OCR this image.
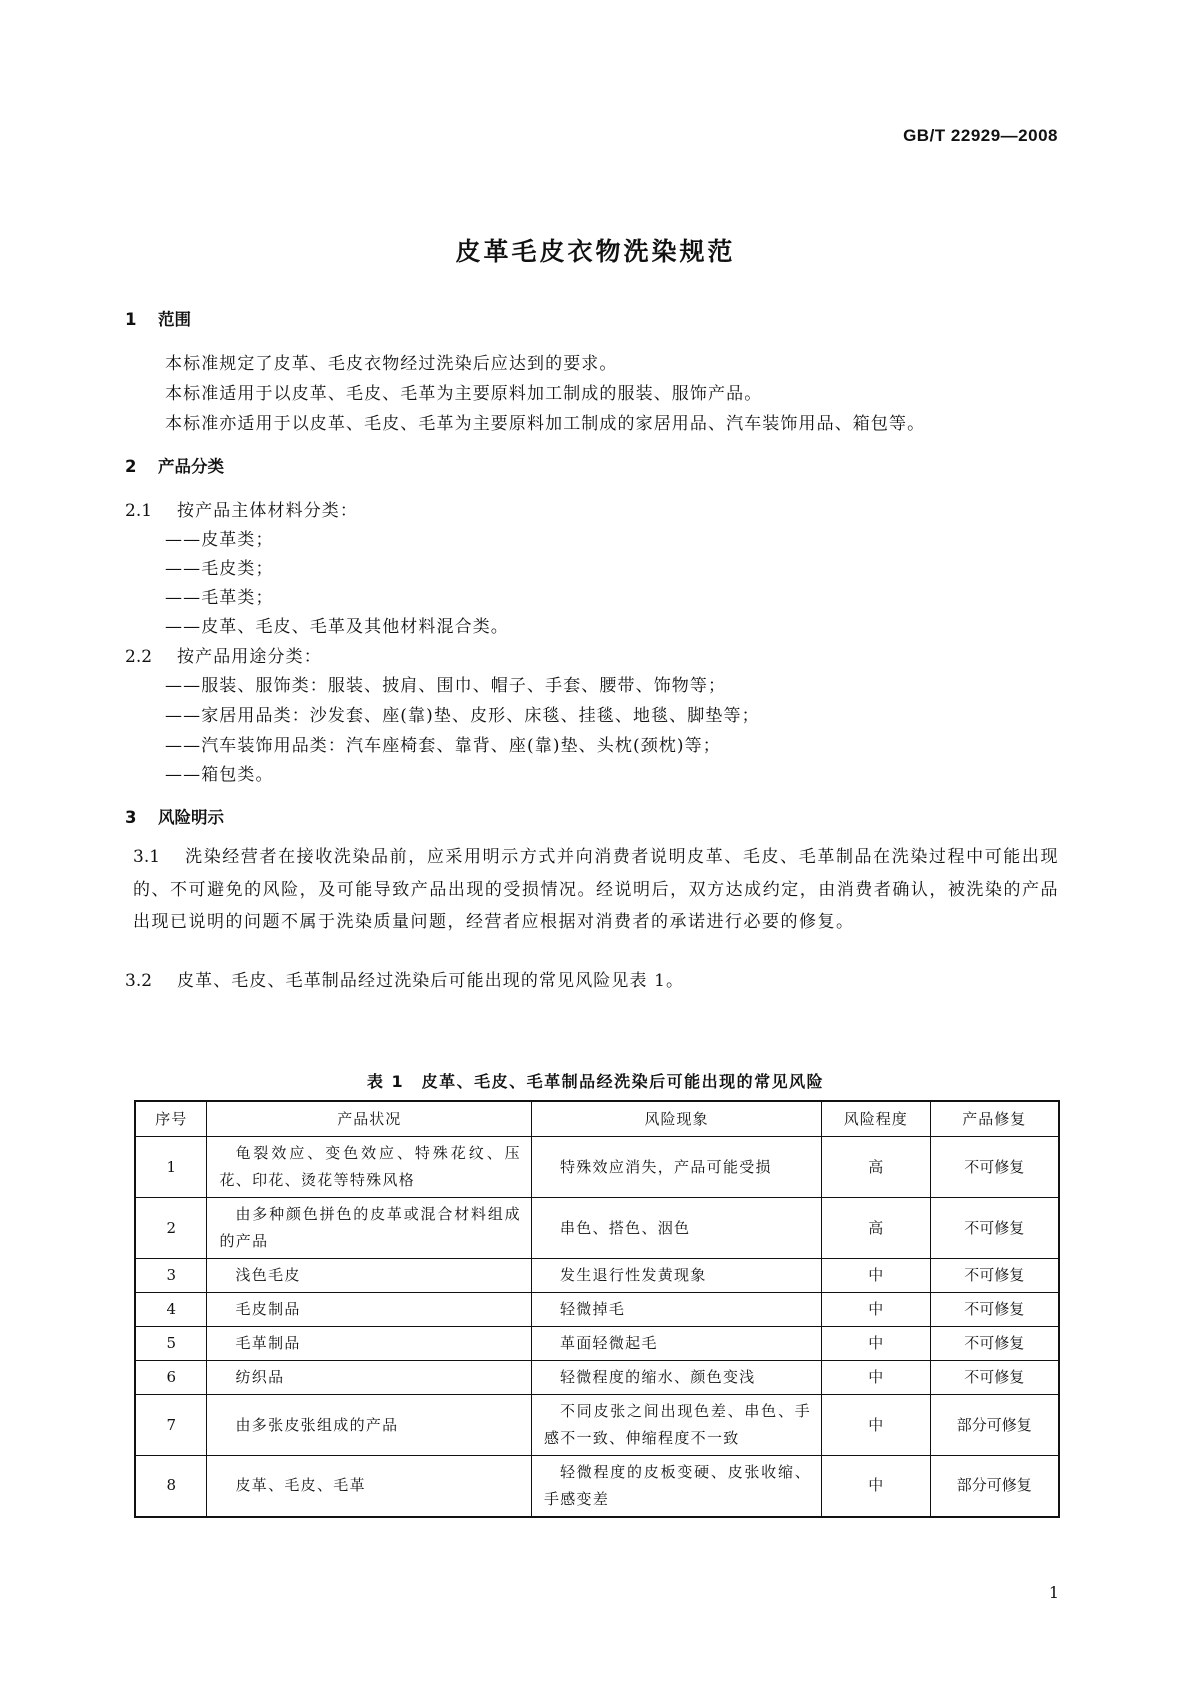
GB/T 22929—2008
皮革毛皮衣物洗染规范
1 范围
本标准规定了皮革、毛皮衣物经过洗染后应达到的要求。
本标准适用于以皮革、毛皮、毛革为主要原料加工制成的服装、服饰产品。
本标准亦适用于以皮革、毛皮、毛革为主要原料加工制成的家居用品、汽车装饰用品、箱包等。
2 产品分类
2.1 按产品主体材料分类：
——皮革类；
——毛皮类；
——毛革类；
——皮革、毛皮、毛革及其他材料混合类。
2.2 按产品用途分类：
——服装、服饰类：服装、披肩、围巾、帽子、手套、腰带、饰物等；
——家居用品类：沙发套、座(靠)垫、皮形、床毯、挂毯、地毯、脚垫等；
——汽车装饰用品类：汽车座椅套、靠背、座(靠)垫、头枕(颈枕)等；
——箱包类。
3 风险明示
3.1 洗染经营者在接收洗染品前，应采用明示方式并向消费者说明皮革、毛皮、毛革制品在洗染过程中可能出现的、不可避免的风险，及可能导致产品出现的受损情况。经说明后，双方达成约定，由消费者确认，被洗染的产品出现已说明的问题不属于洗染质量问题，经营者应根据对消费者的承诺进行必要的修复。
3.2 皮革、毛皮、毛革制品经过洗染后可能出现的常见风险见表 1。
表 1　皮革、毛皮、毛革制品经洗染后可能出现的常见风险
序号	产品状况	风险现象	风险程度	产品修复
1	龟裂效应、变色效应、特殊花纹、压花、印花、烫花等特殊风格	特殊效应消失，产品可能受损	高	不可修复
2	由多种颜色拼色的皮革或混合材料组成的产品	串色、搭色、洇色	高	不可修复
3	浅色毛皮	发生退行性发黄现象	中	不可修复
4	毛皮制品	轻微掉毛	中	不可修复
5	毛革制品	革面轻微起毛	中	不可修复
6	纺织品	轻微程度的缩水、颜色变浅	中	不可修复
7	由多张皮张组成的产品	不同皮张之间出现色差、串色、手感不一致、伸缩程度不一致	中	部分可修复
8	皮革、毛皮、毛革	轻微程度的皮板变硬、皮张收缩、手感变差	中	部分可修复
1
